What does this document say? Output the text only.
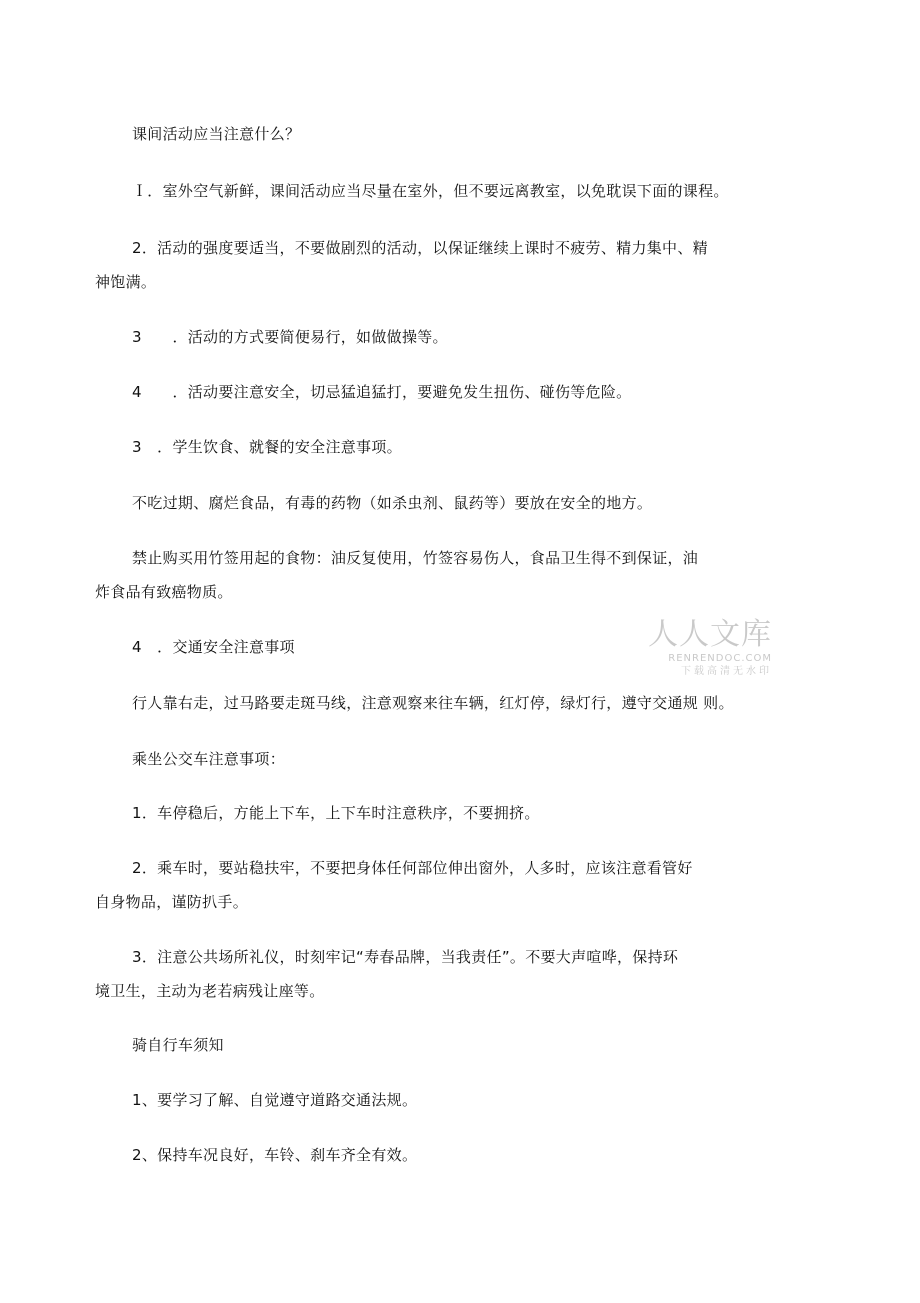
课间活动应当注意什么？
Ｉ．室外空气新鲜，课间活动应当尽量在室外，但不要远离教室，以免耽误下面的课程。
2．活动的强度要适当，不要做剧烈的活动，以保证继续上课时不疲劳、精力集中、精
神饱满。
3　　．活动的方式要简便易行，如做做操等。
4　　．活动要注意安全，切忌猛追猛打，要避免发生扭伤、碰伤等危险。
3　．学生饮食、就餐的安全注意事项。
不吃过期、腐烂食品，有毒的药物（如杀虫剂、鼠药等）要放在安全的地方。
禁止购买用竹签用起的食物：油反复使用，竹签容易伤人，食品卫生得不到保证，油
炸食品有致癌物质。
4　．交通安全注意事项
行人靠右走，过马路要走斑马线，注意观察来往车辆，红灯停，绿灯行，遵守交通规 则。
乘坐公交车注意事项：
1．车停稳后，方能上下车，上下车时注意秩序，不要拥挤。
2．乘车时，要站稳扶牢，不要把身体任何部位伸出窗外，人多时，应该注意看管好
自身物品，谨防扒手。
3．注意公共场所礼仪，时刻牢记“寿春品牌，当我责任”。不要大声喧哗，保持环
境卫生，主动为老若病残让座等。
骑自行车须知
1、要学习了解、自觉遵守道路交通法规。
2、保持车况良好，车铃、刹车齐全有效。
人人文库
RENRENDOC.COM
下载高清无水印
